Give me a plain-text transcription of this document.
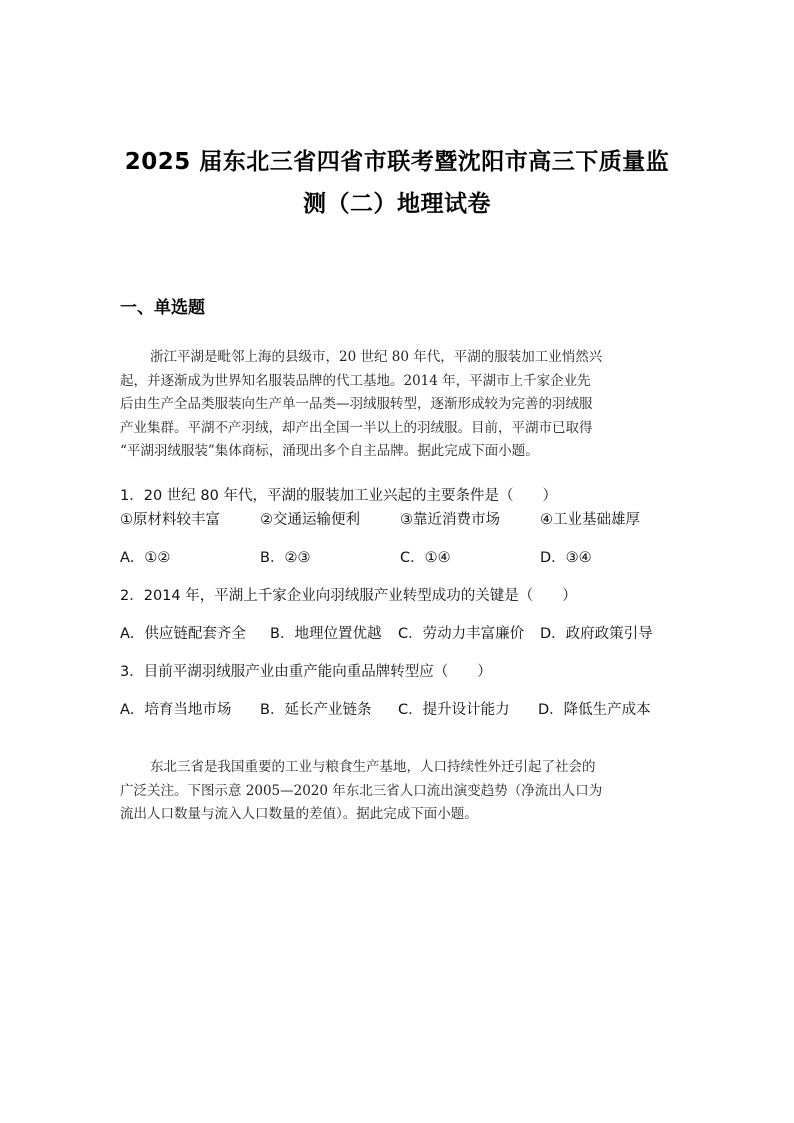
2025 届东北三省四省市联考暨沈阳市高三下质量监
测（二）地理试卷
一、单选题
浙江平湖是毗邻上海的县级市，20 世纪 80 年代，平湖的服装加工业悄然兴
起，并逐渐成为世界知名服装品牌的代工基地。2014 年，平湖市上千家企业先
后由生产全品类服装向生产单一品类—羽绒服转型，逐渐形成较为完善的羽绒服
产业集群。平湖不产羽绒，却产出全国一半以上的羽绒服。目前，平湖市已取得
“平湖羽绒服装”集体商标，涌现出多个自主品牌。据此完成下面小题。
1．20 世纪 80 年代，平湖的服装加工业兴起的主要条件是（　　）
①原材料较丰富	②交通运输便利	③靠近消费市场	④工业基础雄厚
A．①②	B．②③	C．①④	D．③④
2．2014 年，平湖上千家企业向羽绒服产业转型成功的关键是（　　）
A．供应链配套齐全 B．地理位置优越 C．劳动力丰富廉价 D．政府政策引导
3．目前平湖羽绒服产业由重产能向重品牌转型应（　　）
A．培育当地市场 B．延长产业链条 C．提升设计能力 D．降低生产成本
东北三省是我国重要的工业与粮食生产基地，人口持续性外迁引起了社会的
广泛关注。下图示意 2005—2020 年东北三省人口流出演变趋势（净流出人口为
流出人口数量与流入人口数量的差值）。据此完成下面小题。
